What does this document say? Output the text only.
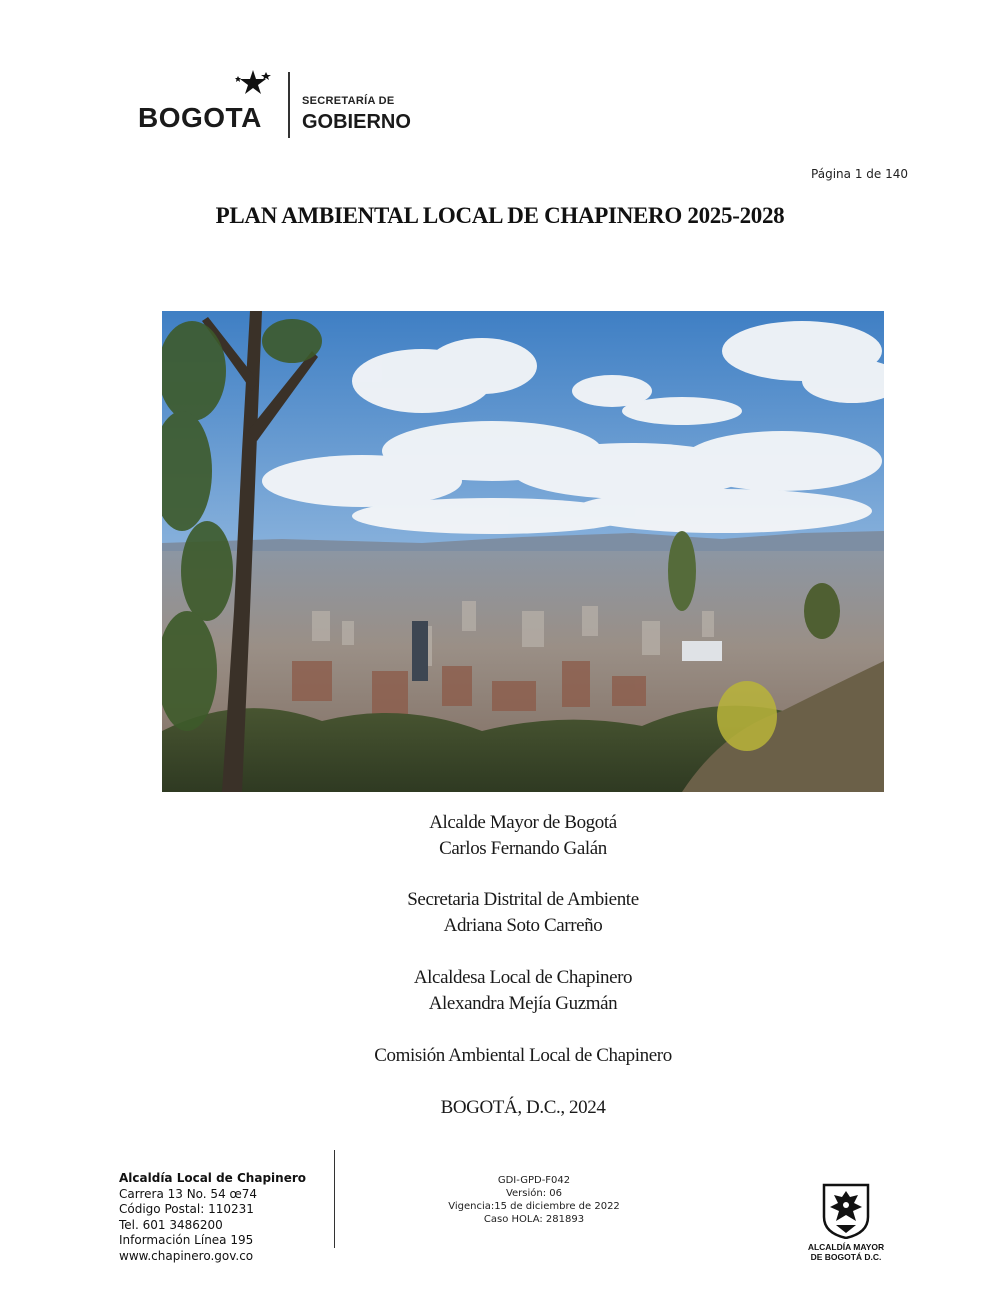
BOGOTA
SECRETARÍA DE
GOBIERNO
Página 1 de 140
PLAN AMBIENTAL LOCAL DE CHAPINERO 2025-2028
Alcalde Mayor de Bogotá
Carlos Fernando Galán
Secretaria Distrital de Ambiente
Adriana Soto Carreño
Alcaldesa Local de Chapinero
Alexandra Mejía Guzmán
Comisión Ambiental Local de Chapinero
BOGOTÁ, D.C., 2024
Alcaldía Local de Chapinero
Carrera 13 No. 54 œ74
Código Postal: 110231
Tel. 601 3486200
Información Línea 195
www.chapinero.gov.co
GDI-GPD-F042
Versión: 06
Vigencia:15 de diciembre de 2022
Caso HOLA: 281893
ALCALDÍA MAYOR
DE BOGOTÁ D.C.
